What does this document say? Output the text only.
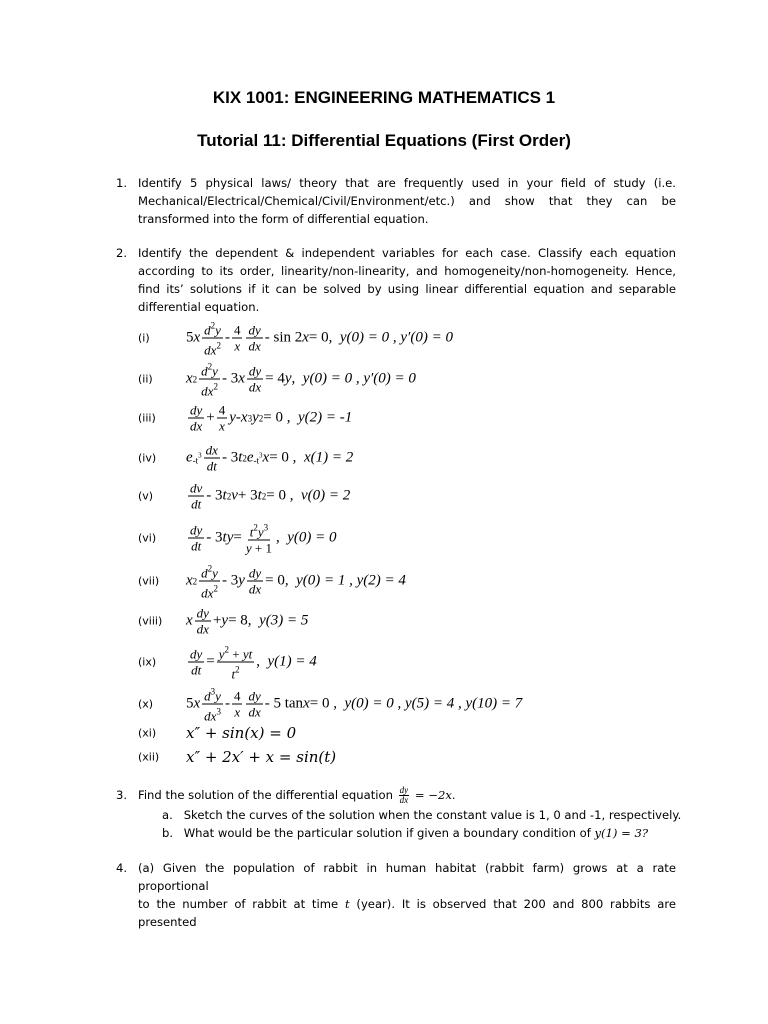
KIX 1001: ENGINEERING MATHEMATICS 1
Tutorial 11: Differential Equations (First Order)
1. Identify 5 physical laws/ theory that are frequently used in your field of study (i.e.
Mechanical/Electrical/Chemical/Civil/Environment/etc.) and show that they can be
transformed into the form of differential equation.
2. Identify the dependent & independent variables for each case. Classify each equation
according to its order, linearity/non-linearity, and homogeneity/non-homogeneity. Hence,
find its’ solutions if it can be solved by using linear differential equation and separable
differential equation.
(i) 5 x $\frac{d^2y}{dx^2} - \frac{4}{x} \frac{dy}{dx}$ - sin 2 x = 0, y(0) = 0 , y′(0) = 0
(ii) x $2 \frac{d^2y}{dx^2} - 3$ x $\frac{dy}{dx} = 4$ y , y(0) = 0 , y′(0) = 0
$(iii) \frac{dy}{dx} + \frac{4}{x}$ y - x 3 y 2 = 0 , y(2) = -1
(iv) e $-t^3 \frac{dx}{dt} - 3$ t 2 e $-t^3$ x = 0 , x(1) = 2
(v)	$\frac{dv}{dt} - 3$ t 2 v + 3 t 2 = 0 , v(0) = 2
$(vi) \frac{dy}{dt} - 3$ ty = $\frac{t^2y^3}{y + 1}$ , y(0) = 0
(vii) x $2 \frac{d^2y}{dx^2} - 3$ y $\frac{dy}{dx} = 0$, y(0) = 1 , y(2) = 4
(viii) x $\frac{dy}{dx} + y = 8$, y(3) = 5
$(ix) \frac{dy}{dt} = \frac{y^2 + yt}{t^2}$ , y(1) = 4
(x) 5 x $\frac{d^3y}{dx^3} - \frac{4}{x} \frac{dy}{dx} - 5$ tan x = 0 , y(0) = 0 , y(5) = 4 , y(10) = 7
(xi) x″ + sin(x) = 0
(xii) x″ + 2x′ + x = sin(t)
3. Find the solution of the differential equation $\frac{dy}{dx} = -2x$.
a. Sketch the curves of the solution when the constant value is 1, 0 and -1, respectively.
b. What would be the particular solution if given a boundary condition of y(1) = 3?
4. (a) Given the population of rabbit in human habitat (rabbit farm) grows at a rate proportional
to the number of rabbit at time t (year). It is observed that 200 and 800 rabbits are presented
